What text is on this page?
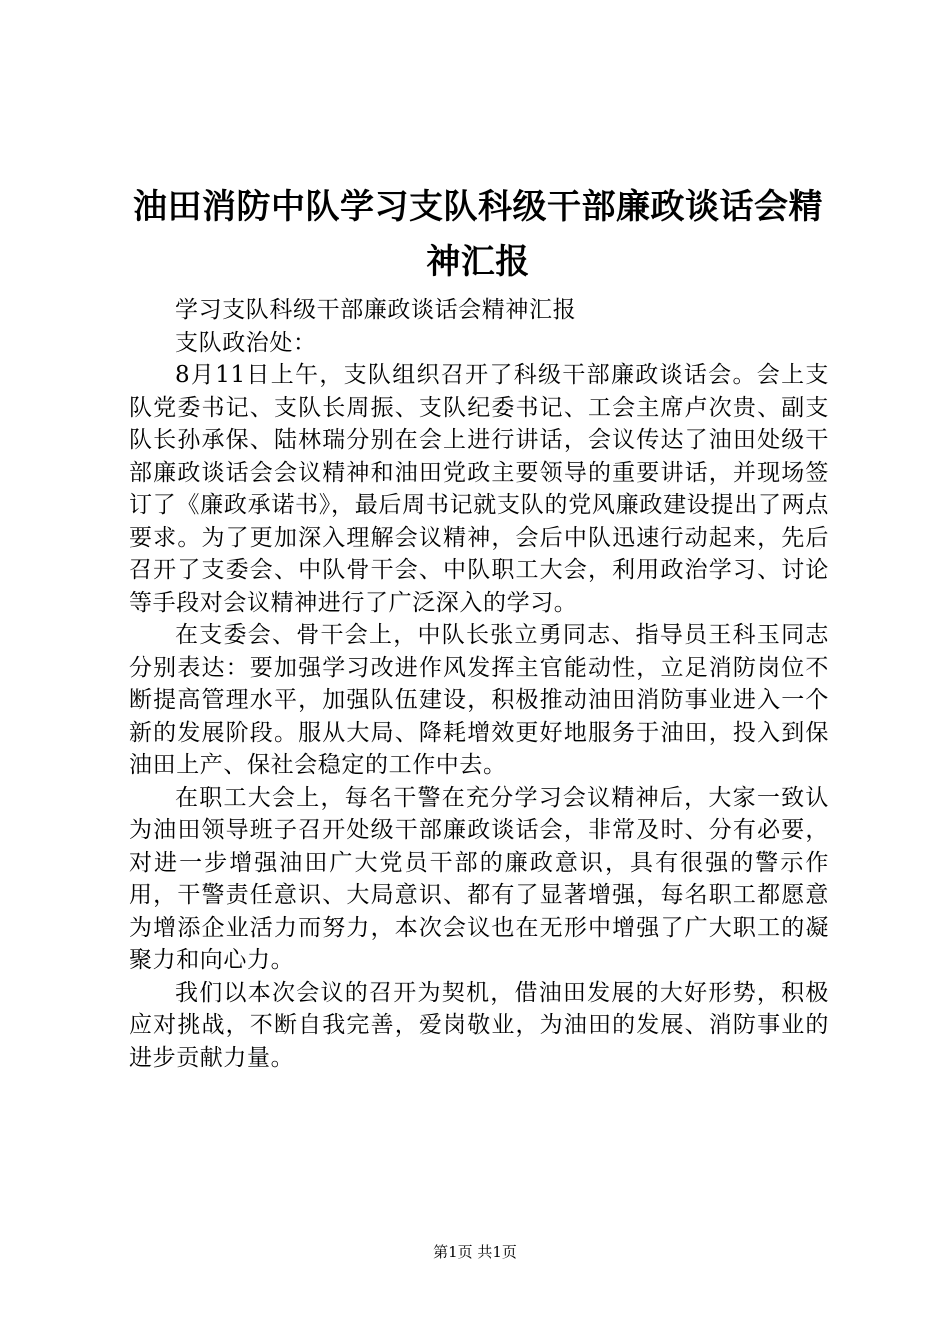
油田消防中队学习支队科级干部廉政谈话会精神汇报

学习支队科级干部廉政谈话会精神汇报

支队政治处：

8月11日上午，支队组织召开了科级干部廉政谈话会。会上支队党委书记、支队长周振、支队纪委书记、工会主席卢次贵、副支队长孙承保、陆林瑞分别在会上进行讲话，会议传达了油田处级干部廉政谈话会会议精神和油田党政主要领导的重要讲话，并现场签订了《廉政承诺书》，最后周书记就支队的党风廉政建设提出了两点要求。为了更加深入理解会议精神，会后中队迅速行动起来，先后召开了支委会、中队骨干会、中队职工大会，利用政治学习、讨论等手段对会议精神进行了广泛深入的学习。

在支委会、骨干会上，中队长张立勇同志、指导员王科玉同志分别表达：要加强学习改进作风发挥主官能动性，立足消防岗位不断提高管理水平，加强队伍建设，积极推动油田消防事业进入一个新的发展阶段。服从大局、降耗增效更好地服务于油田，投入到保油田上产、保社会稳定的工作中去。

在职工大会上，每名干警在充分学习会议精神后，大家一致认为油田领导班子召开处级干部廉政谈话会，非常及时、分有必要，对进一步增强油田广大党员干部的廉政意识，具有很强的警示作用，干警责任意识、大局意识、都有了显著增强，每名职工都愿意为增添企业活力而努力，本次会议也在无形中增强了广大职工的凝聚力和向心力。

我们以本次会议的召开为契机，借油田发展的大好形势，积极应对挑战，不断自我完善，爱岗敬业，为油田的发展、消防事业的进步贡献力量。

第1页 共1页
